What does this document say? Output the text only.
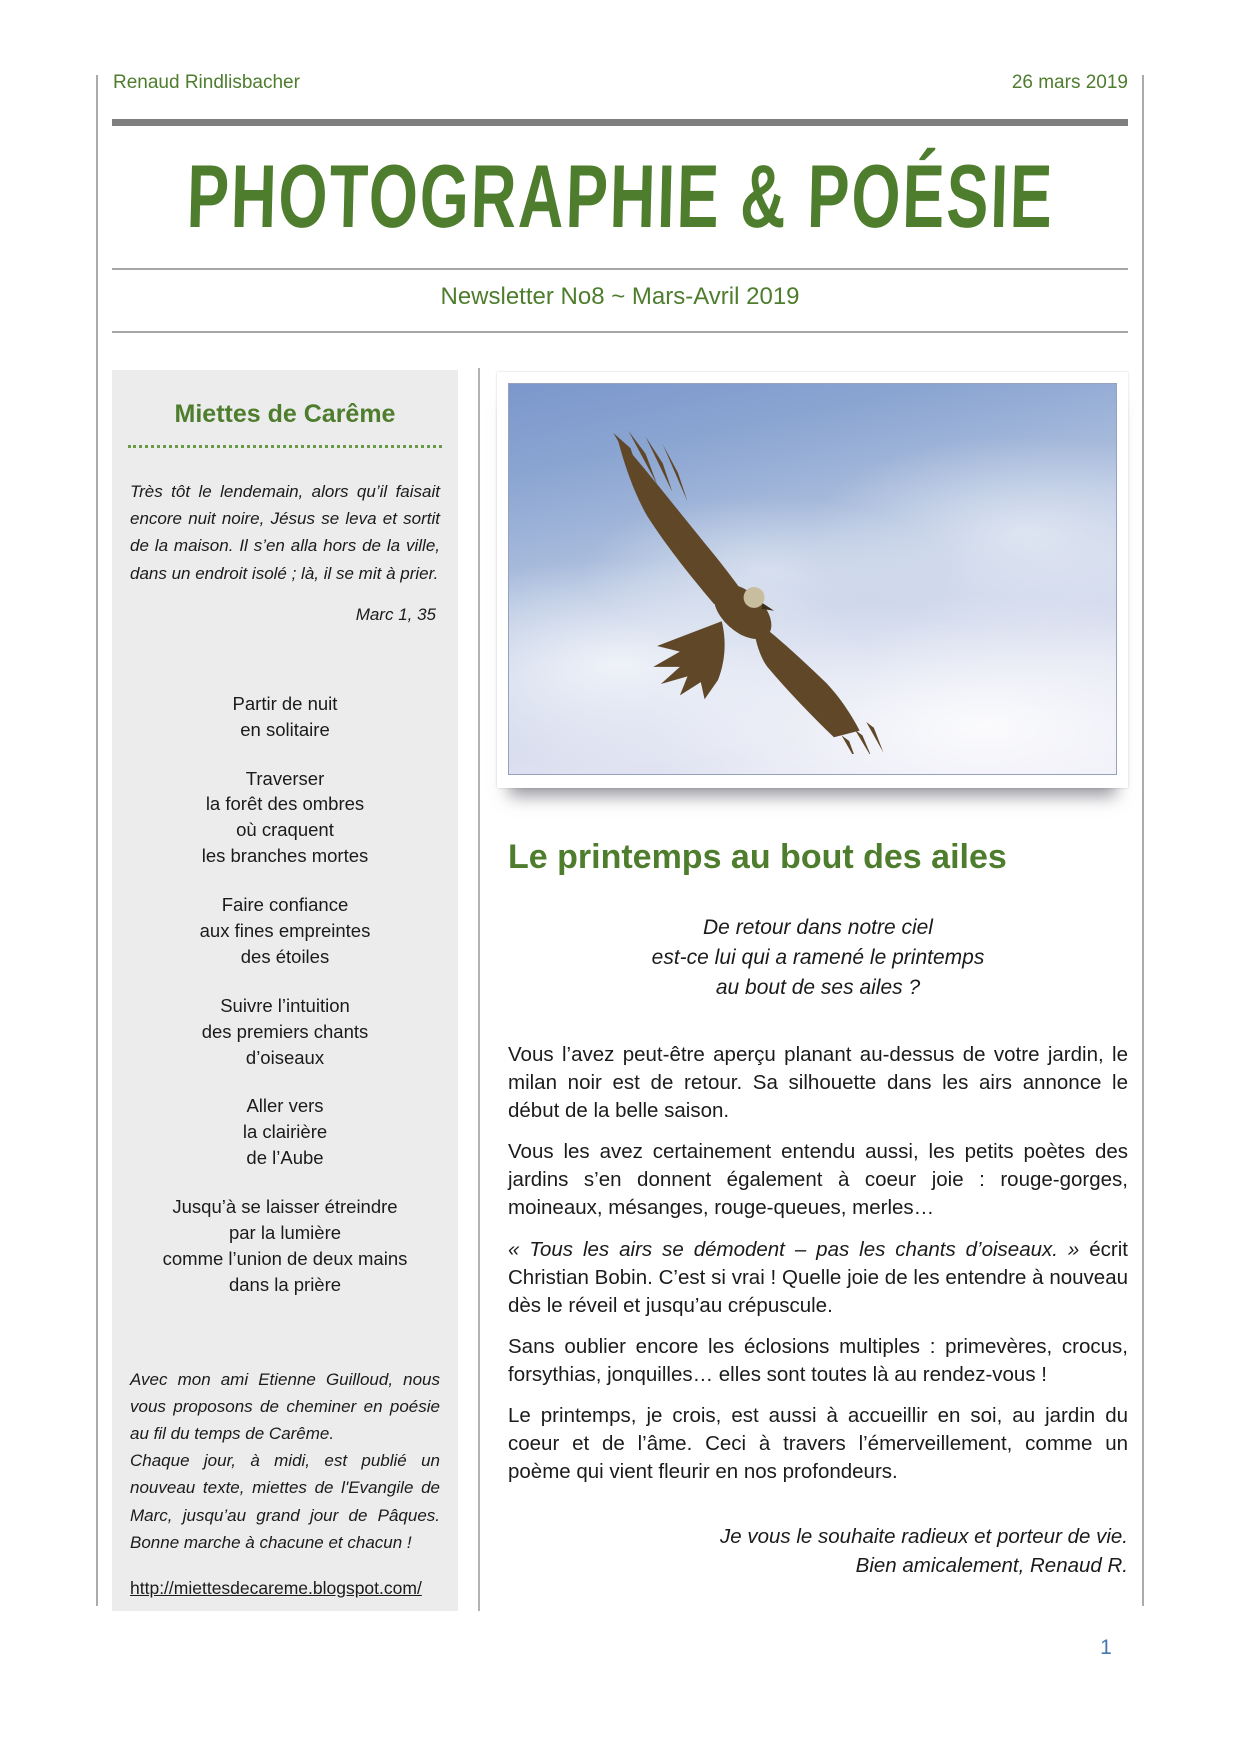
Renaud Rindlisbacher	26 mars 2019
PHOTOGRAPHIE & POÉSIE
Newsletter No8 ~ Mars-Avril 2019
Miettes de Carême
Très tôt le lendemain, alors qu’il faisait encore nuit noire, Jésus se leva et sortit de la maison. Il s’en alla hors de la ville, dans un endroit isolé ; là, il se mit à prier.
Marc 1, 35
Partir de nuit
en solitaire
Traverser
la forêt des ombres
où craquent
les branches mortes
Faire confiance
aux fines empreintes
des étoiles
Suivre l’intuition
des premiers chants
d’oiseaux
Aller vers
la clairière
de l’Aube
Jusqu’à se laisser étreindre
par la lumière
comme l’union de deux mains
dans la prière

Avec mon ami Etienne Guilloud, nous vous proposons de cheminer en poésie au fil du temps de Carême.

Chaque jour, à midi, est publié un nouveau texte, miettes de l'Evangile de Marc, jusqu’au grand jour de Pâques. Bonne marche à chacune et chacun !

http://miettesdecareme.blogspot.com/
Le printemps au bout des ailes
De retour dans notre ciel
est-ce lui qui a ramené le printemps
au bout de ses ailes ?

Vous l’avez peut-être aperçu planant au-dessus de votre jardin, le milan noir est de retour. Sa silhouette dans les airs annonce le début de la belle saison.

Vous les avez certainement entendu aussi, les petits poètes des jardins s’en donnent également à coeur joie : rouge-gorges, moineaux, mésanges, rouge-queues, merles…

« Tous les airs se démodent – pas les chants d’oiseaux. » écrit Christian Bobin. C’est si vrai ! Quelle joie de les entendre à nouveau dès le réveil et jusqu’au crépuscule.

Sans oublier encore les éclosions multiples : primevères, crocus, forsythias, jonquilles… elles sont toutes là au rendez-vous !

Le printemps, je crois, est aussi à accueillir en soi, au jardin du coeur et de l’âme. Ceci à travers l’émerveillement, comme un poème qui vient fleurir en nos profondeurs.

Je vous le souhaite radieux et porteur de vie.
Bien amicalement, Renaud R.
1
